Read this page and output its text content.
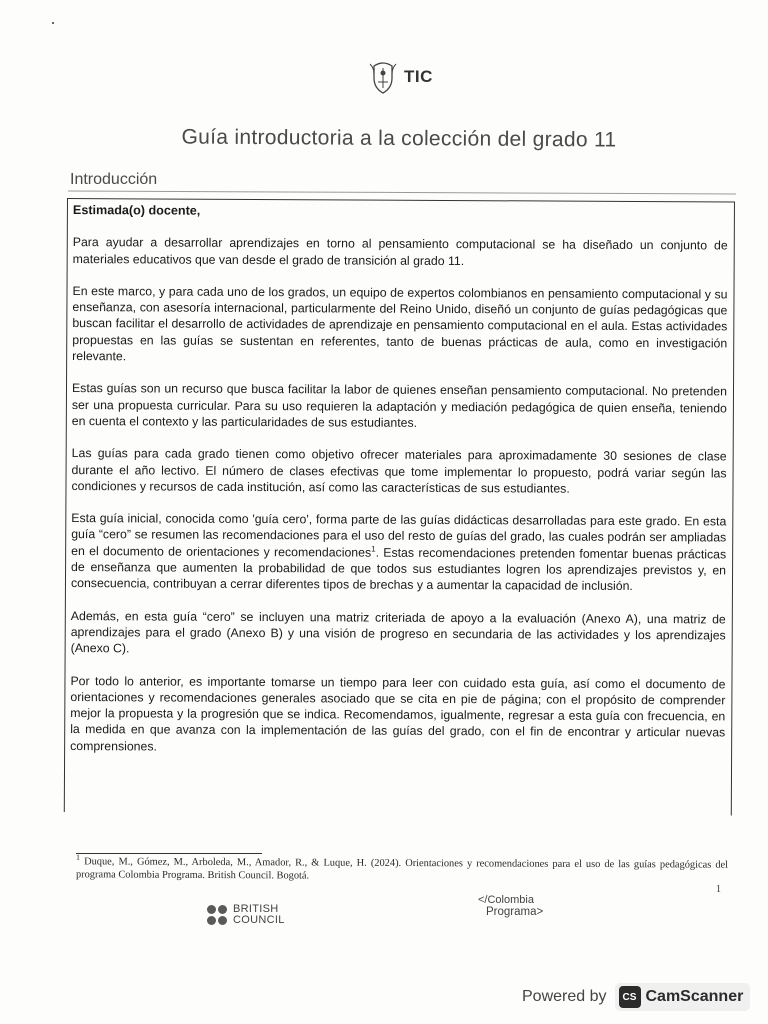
TIC
Guía introductoria a la colección del grado 11
Introducción

Estimada(o) docente,

Para ayudar a desarrollar aprendizajes en torno al pensamiento computacional se ha diseñado un conjunto de materiales educativos que van desde el grado de transición al grado 11.

En este marco, y para cada uno de los grados, un equipo de expertos colombianos en pensamiento computacional y su enseñanza, con asesoría internacional, particularmente del Reino Unido, diseñó un conjunto de guías pedagógicas que buscan facilitar el desarrollo de actividades de aprendizaje en pensamiento computacional en el aula. Estas actividades propuestas en las guías se sustentan en referentes, tanto de buenas prácticas de aula, como en investigación relevante.

Estas guías son un recurso que busca facilitar la labor de quienes enseñan pensamiento computacional. No pretenden ser una propuesta curricular. Para su uso requieren la adaptación y mediación pedagógica de quien enseña, teniendo en cuenta el contexto y las particularidades de sus estudiantes.

Las guías para cada grado tienen como objetivo ofrecer materiales para aproximadamente 30 sesiones de clase durante el año lectivo. El número de clases efectivas que tome implementar lo propuesto, podrá variar según las condiciones y recursos de cada institución, así como las características de sus estudiantes.

Esta guía inicial, conocida como 'guía cero', forma parte de las guías didácticas desarrolladas para este grado. En esta guía “cero” se resumen las recomendaciones para el uso del resto de guías del grado, las cuales podrán ser ampliadas en el documento de orientaciones y recomendaciones$^1$. Estas recomendaciones pretenden fomentar buenas prácticas de enseñanza que aumenten la probabilidad de que todos sus estudiantes logren los aprendizajes previstos y, en consecuencia, contribuyan a cerrar diferentes tipos de brechas y a aumentar la capacidad de inclusión.

Además, en esta guía “cero” se incluyen una matriz criteriada de apoyo a la evaluación (Anexo A), una matriz de aprendizajes para el grado (Anexo B) y una visión de progreso en secundaria de las actividades y los aprendizajes (Anexo C).

Por todo lo anterior, es importante tomarse un tiempo para leer con cuidado esta guía, así como el documento de orientaciones y recomendaciones generales asociado que se cita en pie de página; con el propósito de comprender mejor la propuesta y la progresión que se indica. Recomendamos, igualmente, regresar a esta guía con frecuencia, en la medida en que avanza con la implementación de las guías del grado, con el fin de encontrar y articular nuevas comprensiones.

$^1$ Duque, M., Gómez, M., Arboleda, M., Amador, R., & Luque, H. (2024). Orientaciones y recomendaciones para el uso de las guías pedagógicas del programa Colombia Programa. British Council. Bogotá.
1
BRITISH
COUNCIL
</Colombia
Programa>
Powered by	CS CamScanner
